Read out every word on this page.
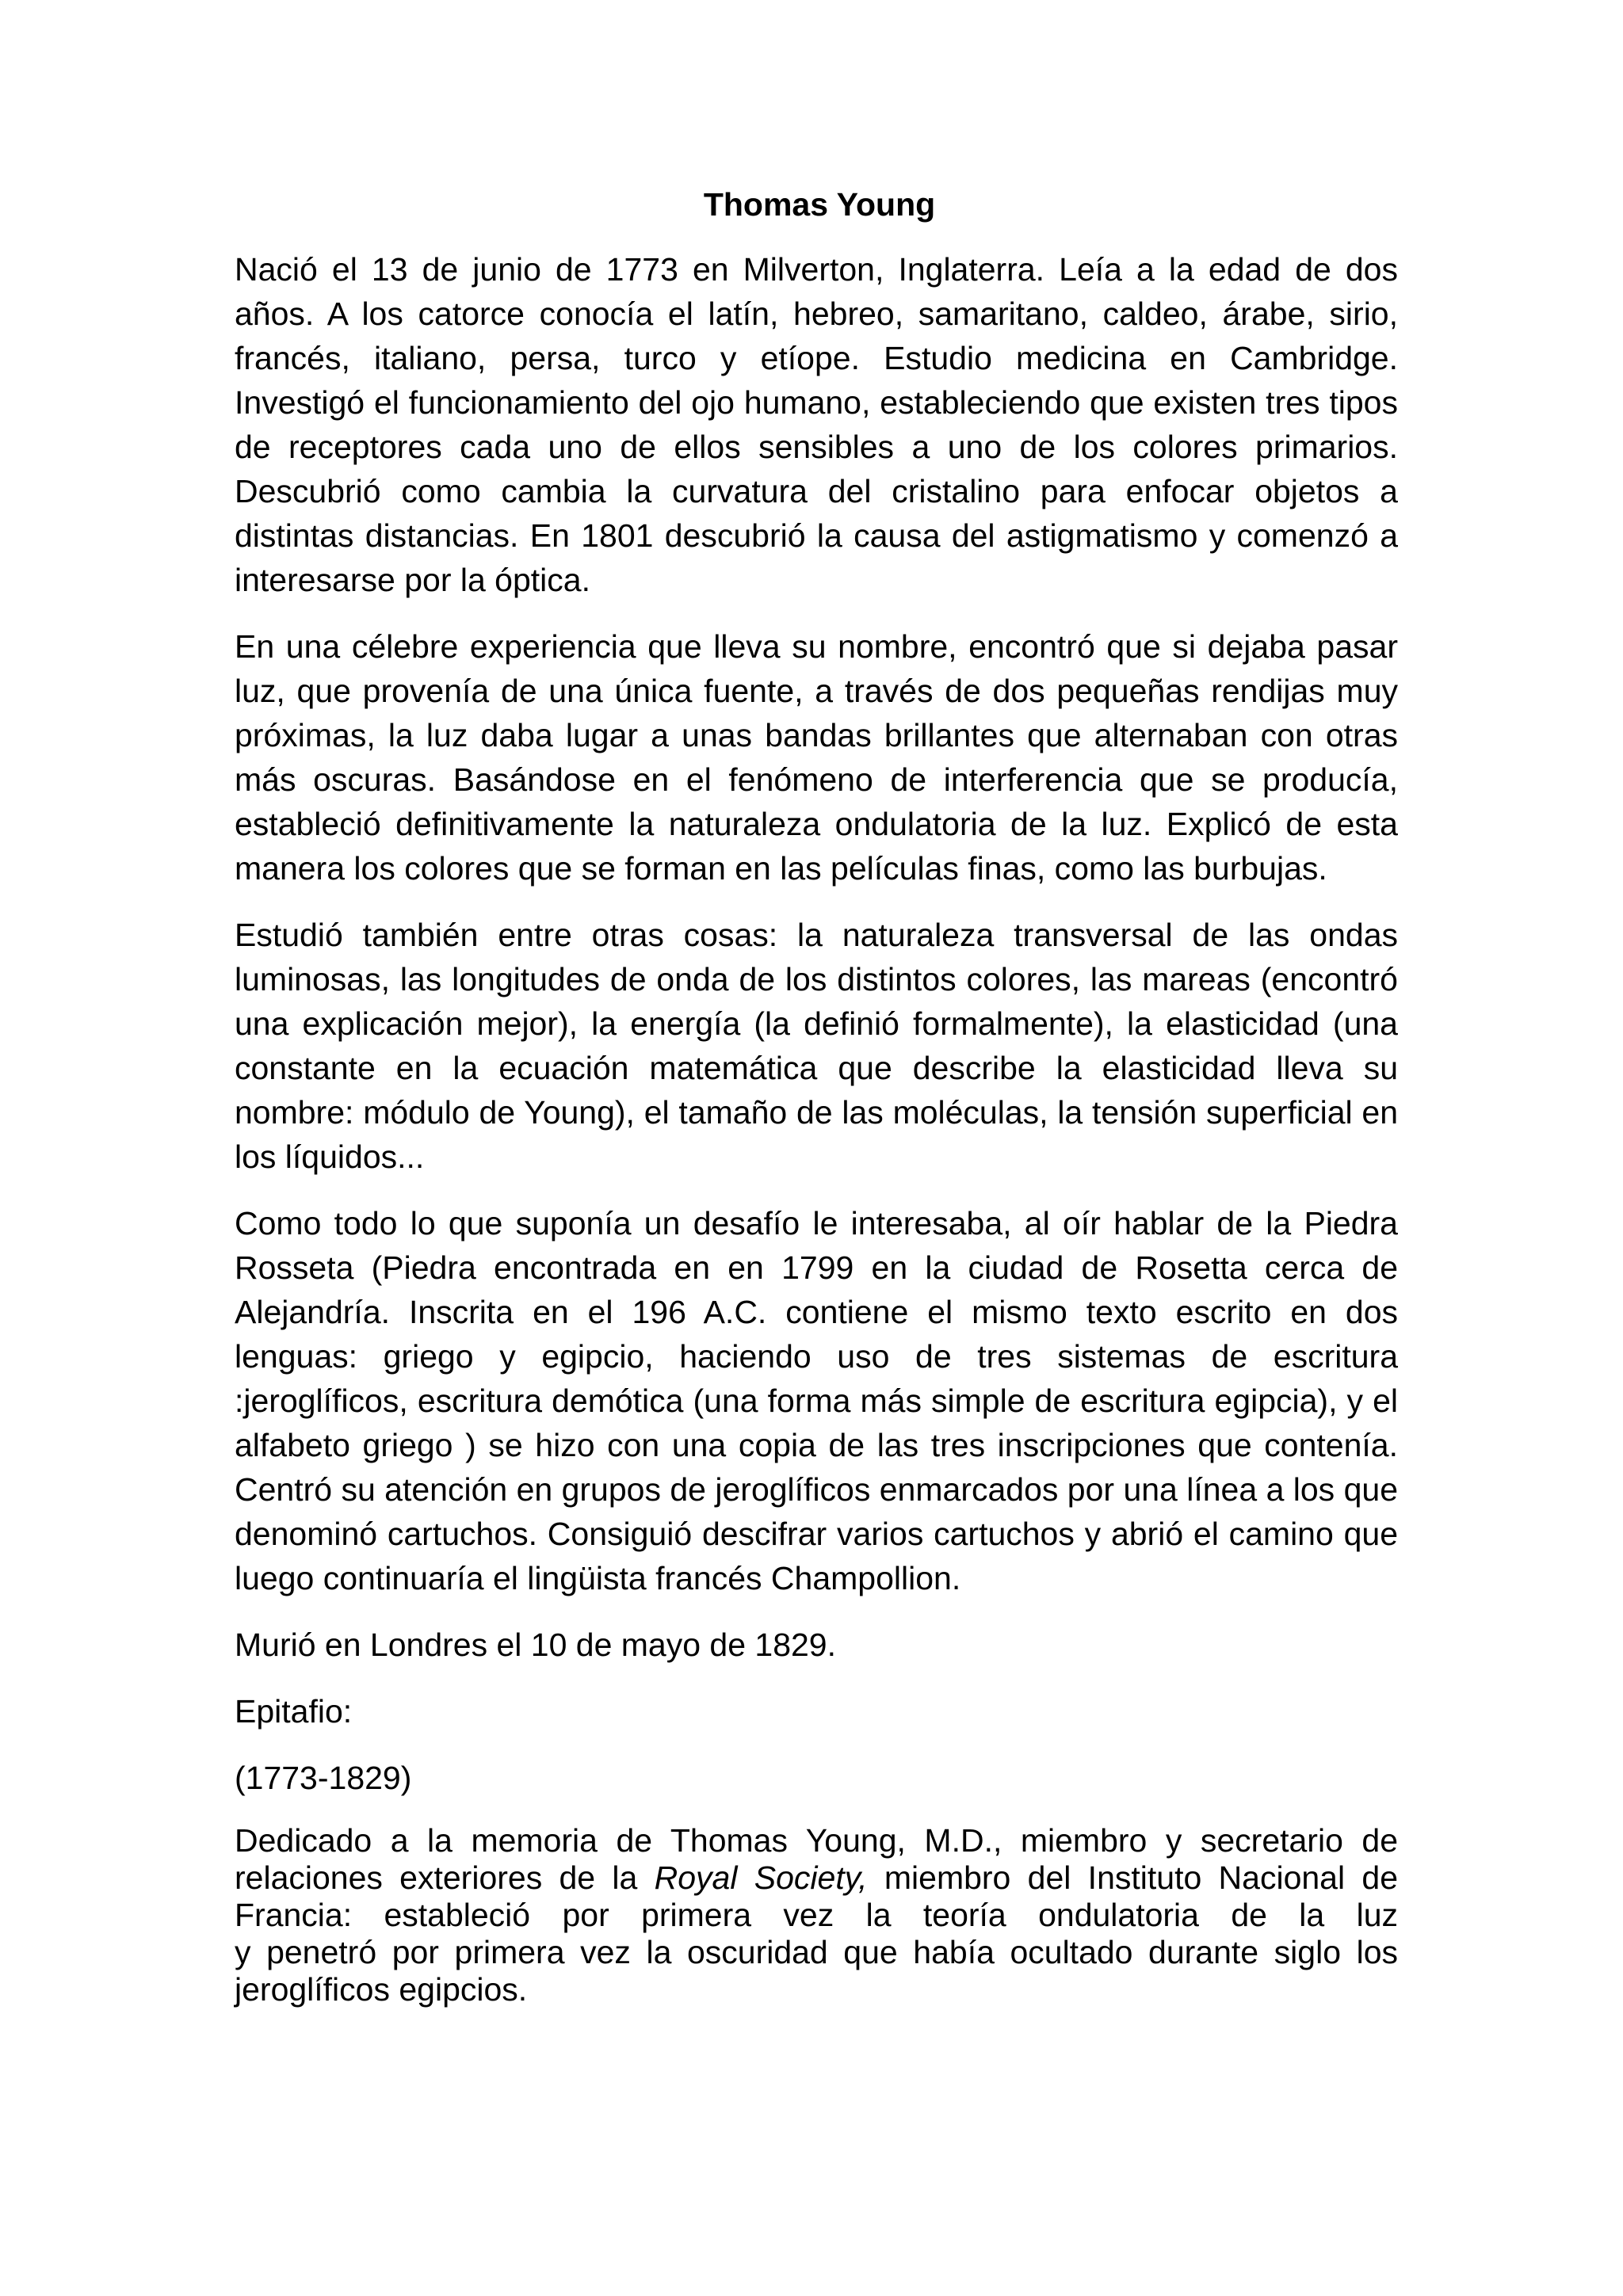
Thomas Young

Nació el 13 de junio de 1773 en Milverton, Inglaterra. Leía a la edad de dos años. A los catorce conocía el latín, hebreo, samaritano, caldeo, árabe, sirio, francés, italiano, persa, turco y etíope. Estudio medicina en Cambridge. Investigó el funcionamiento del ojo humano, estableciendo que existen tres tipos de receptores cada uno de ellos sensibles a uno de los colores primarios. Descubrió como cambia la curvatura del cristalino para enfocar objetos a distintas distancias. En 1801 descubrió la causa del astigmatismo y comenzó a interesarse por la óptica.

En una célebre experiencia que lleva su nombre, encontró que si dejaba pasar luz, que provenía de una única fuente, a través de dos pequeñas rendijas muy próximas, la luz daba lugar a unas bandas brillantes que alternaban con otras más oscuras. Basándose en el fenómeno de interferencia que se producía, estableció definitivamente la naturaleza ondulatoria de la luz. Explicó de esta manera los colores que se forman en las películas finas, como las burbujas.

Estudió también entre otras cosas: la naturaleza transversal de las ondas luminosas, las longitudes de onda de los distintos colores, las mareas (encontró una explicación mejor), la energía (la definió formalmente), la elasticidad (una constante en la ecuación matemática que describe la elasticidad lleva su nombre: módulo de Young), el tamaño de las moléculas, la tensión superficial en los líquidos...

Como todo lo que suponía un desafío le interesaba, al oír hablar de la Piedra Rosseta (Piedra encontrada en en 1799 en la ciudad de Rosetta cerca de Alejandría. Inscrita en el 196 A.C. contiene el mismo texto escrito en dos lenguas: griego y egipcio, haciendo uso de tres sistemas de escritura :jeroglíficos, escritura demótica (una forma más simple de escritura egipcia), y el alfabeto griego ) se hizo con una copia de las tres inscripciones que contenía. Centró su atención en grupos de jeroglíficos enmarcados por una línea a los que denominó cartuchos. Consiguió descifrar varios cartuchos y abrió el camino que luego continuaría el lingüista francés Champollion.

Murió en Londres el 10 de mayo de 1829.

Epitafio:

(1773-1829)

Dedicado a la memoria de Thomas Young, M.D., miembro y secretario de relaciones exteriores de la Royal Society, miembro del Instituto Nacional de Francia: estableció por primera vez la teoría ondulatoria de la luz
y penetró por primera vez la oscuridad que había ocultado durante siglo los jeroglíficos egipcios.
